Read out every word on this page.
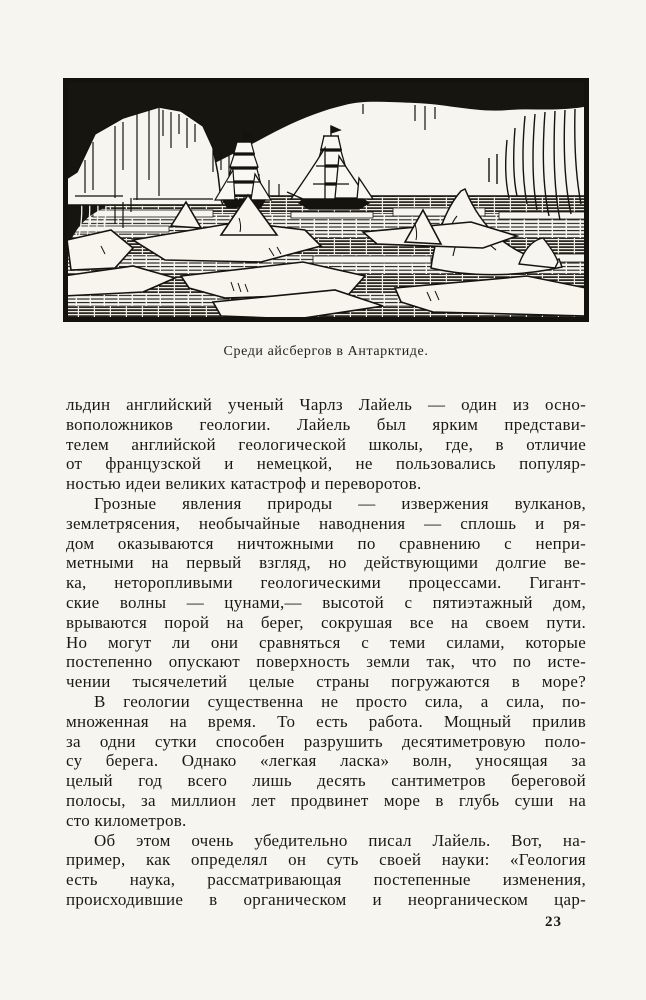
Среди айсбергов в Антарктиде.
льдин английский ученый Чарлз Лайель — один из осно-
воположников геологии. Лайель был ярким представи-
телем английской геологической школы, где, в отличие
от французской и немецкой, не пользовались популяр-
ностью идеи великих катастроф и переворотов.
Грозные явления природы — извержения вулканов,
землетрясения, необычайные наводнения — сплошь и ря-
дом оказываются ничтожными по сравнению с непри-
метными на первый взгляд, но действующими долгие ве-
ка, неторопливыми геологическими процессами. Гигант-
ские волны — цунами,— высотой с пятиэтажный дом,
врываются порой на берег, сокрушая все на своем пути.
Но могут ли они сравняться с теми силами, которые
постепенно опускают поверхность земли так, что по исте-
чении тысячелетий целые страны погружаются в море?
В геологии существенна не просто сила, а сила, по-
множенная на время. То есть работа. Мощный прилив
за одни сутки способен разрушить десятиметровую поло-
су берега. Однако «легкая ласка» волн, уносящая за
целый год всего лишь десять сантиметров береговой
полосы, за миллион лет продвинет море в глубь суши на
сто километров.
Об этом очень убедительно писал Лайель. Вот, на-
пример, как определял он суть своей науки: «Геология
есть наука, рассматривающая постепенные изменения,
происходившие в органическом и неорганическом цар-
23
